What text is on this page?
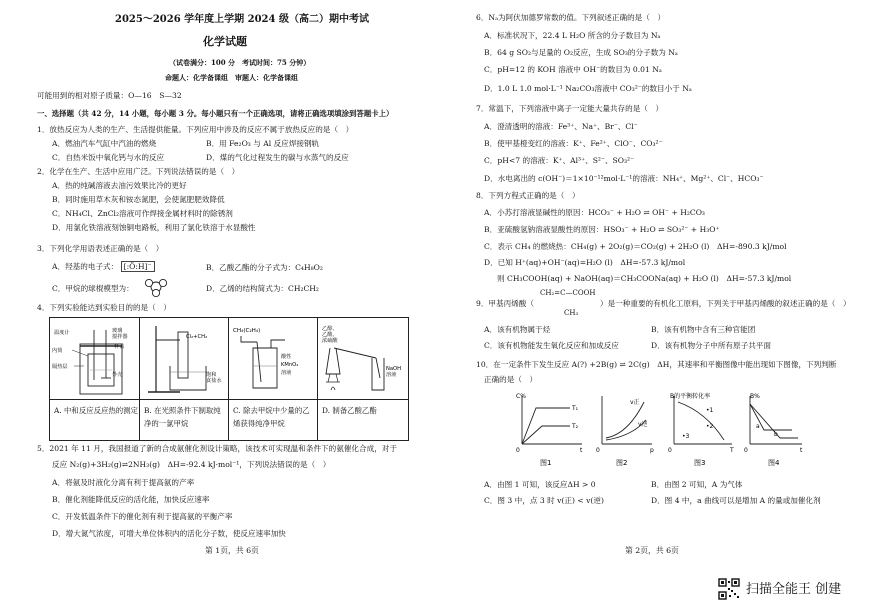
2025～2026 学年度上学期 2024 级（高二）期中考试
化学试题
（试卷满分：100 分　考试时间：75 分钟）
命题人：化学备课组　审题人：化学备课组
可能用到的相对原子质量：O—16　S—32
一、选择题（共 42 分，14 小题，每小题 3 分。每小题只有一个正确选项，请将正确选项填涂到答题卡上）
1．放热反应为人类的生产、生活提供能量。下列应用中涉及的反应不属于放热反应的是（　）
A．燃油汽车气缸中汽油的燃烧	B．用 Fe₂O₃ 与 Al 反应焊接钢轨
C．自热米饭中氧化钙与水的反应	D．煤的气化过程发生的碳与水蒸气的反应
2．化学在生产、生活中应用广泛。下列说法错误的是（　）
A．热的纯碱溶液去油污效果比冷的更好
B．同时施用草木灰和铵态氮肥，会使氮肥肥效降低
C．NH₄Cl、ZnCl₂溶液可作焊接金属材料时的除锈剂
D．用氯化铁溶液刻蚀铜电路板，利用了氯化铁溶于水显酸性
3．下列化学用语表述正确的是（　）
A．羟基的电子式： [:Ö:H]⁻	B．乙酸乙酯的分子式为：C₄H₈O₂
C．甲烷的球棍模型为：	D．乙烯的结构简式为：CH₂CH₂
4．下列实验能达到实验目的的是（　）
温度计	玻璃
搅拌器
内筒
杯盖
隔热层
外壳
Cl₂+CH₄
饱和
食盐水
CH₄(C₂H₄)
酸性
KMnO₄
溶液
乙醇、
乙酸、
浓硫酸
NaOH
溶液
A. 中和反应反应热的测定 B. 在光照条件下制取纯净的一氯甲烷
C. 除去甲烷中少量的乙烯获得纯净甲烷
D. 制备乙酸乙酯
5．2021 年 11 月，我国报道了新的合成氨催化剂设计策略，该技术可实现温和条件下的氨催化合成，对于
反应 N₂(g)+3H₂(g)⇌2NH₃(g)　ΔH=-92.4 kJ·mol⁻¹，下列说法错误的是（　）
A．将氨及时液化分离有利于提高氨的产率
B．催化剂能降低反应的活化能，加快反应速率
C．开发低温条件下的催化剂有利于提高氨的平衡产率
D．增大氮气浓度，可增大单位体积内的活化分子数，使反应速率加快
第 1页，共 6页
6．Nₐ为阿伏加德罗常数的值。下列叙述正确的是（　）
A．标准状况下，22.4 L H₂O 所含的分子数目为 Nₐ
B．64 g SO₂与足量的 O₂反应，生成 SO₃的分子数为 Nₐ
C．pH=12 的 KOH 溶液中 OH⁻的数目为 0.01 Nₐ
D．1.0 L 1.0 mol·L⁻¹ Na₂CO₃溶液中 CO₃²⁻的数目小于 Nₐ
7．常温下，下列溶液中离子一定能大量共存的是（　）
A．澄清透明的溶液：Fe³⁺、Na⁺、Br⁻、Cl⁻
B．使甲基橙变红的溶液：K⁺、Fe²⁺、ClO⁻、CO₃²⁻
C．pH<7 的溶液：K⁺、Al³⁺、S²⁻、SO₃²⁻
D．水电离出的 c(OH⁻)＝1×10⁻¹²mol·L⁻¹的溶液：NH₄⁺、Mg²⁺、Cl⁻、HCO₃⁻
8．下列方程式正确的是（　）
A．小苏打溶液显碱性的原因：HCO₃⁻ + H₂O ⇌ OH⁻ + H₂CO₃
B．亚硫酸氢钠溶液显酸性的原因：HSO₃⁻ + H₂O ⇌ SO₃²⁻ + H₃O⁺
C．表示 CH₄ 的燃烧热：CH₄(g) + 2O₂(g)＝CO₂(g) + 2H₂O (l)　ΔH=-890.3 kJ/mol
D．已知 H⁺(aq)+OH⁻(aq)=H₂O (l)　ΔH=-57.3 kJ/mol
则 CH₃COOH(aq) + NaOH(aq)＝CH₃COONa(aq) + H₂O (l)　ΔH=-57.3 kJ/mol
9．甲基丙烯酸（	）是一种重要的有机化工原料，下列关于甲基丙烯酸的叙述正确的是（　）
CH₂=C—COOH
CH₃
A．该有机物属于烃	B．该有机物中含有三种官能团
C．该有机物能发生氧化反应和加成反应	D．该有机物分子中所有原子共平面
10．在一定条件下发生反应 A(?) +2B(g) ⇌ 2C(g)　ΔH，其速率和平衡图像中能出现如下图像，下列判断
正确的是（　）
C%
T₁
T₂
t
0
图1
v正
v逆
p
0
图2
B的平衡转化率
•1
•2
•3
T
0
图3
B%
a
b
t
0
图4
A．由图 1 可知，该反应ΔH > 0	B．由图 2 可知，A 为气体
C．图 3 中，点 3 时 v(正) < v(逆)	D．图 4 中，a 曲线可以是增加 A 的量或加催化剂
第 2页，共 6页
扫描全能王 创建
